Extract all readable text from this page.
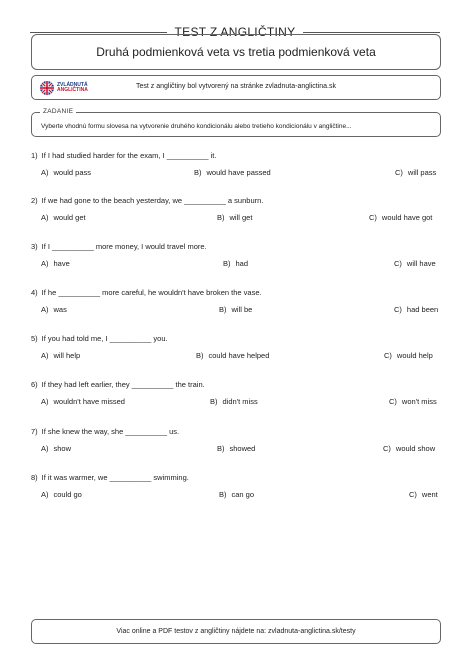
TEST Z ANGLIČTINY
Druhá podmienková veta vs tretia podmienková veta
ZVLÁDNUTÁ
ANGLIČTINA	Test z angličtiny bol vytvorený na stránke zvladnuta-anglictina.sk
ZADANIE
Vyberte vhodnú formu slovesa na vytvorenie druhého kondicionálu alebo tretieho kondicionálu v angličtine...
1) If I had studied harder for the exam, I __________ it.
A) would pass	B) would have passed	C) will pass
2) If we had gone to the beach yesterday, we __________ a sunburn.
A) would get	B) will get	C) would have got
3) If I __________ more money, I would travel more.
A) have	B) had	C) will have
4) If he __________ more careful, he wouldn't have broken the vase.
A) was	B) will be	C) had been
5) If you had told me, I __________ you.
A) will help	B) could have helped	C) would help
6) If they had left earlier, they __________ the train.
A) wouldn't have missed	B) didn't miss	C) won't miss
7) If she knew the way, she __________ us.
A) show	B) showed	C) would show
8) If it was warmer, we __________ swimming.
A) could go	B) can go	C) went
Viac online a PDF testov z angličtiny nájdete na: zvladnuta-anglictina.sk/testy
